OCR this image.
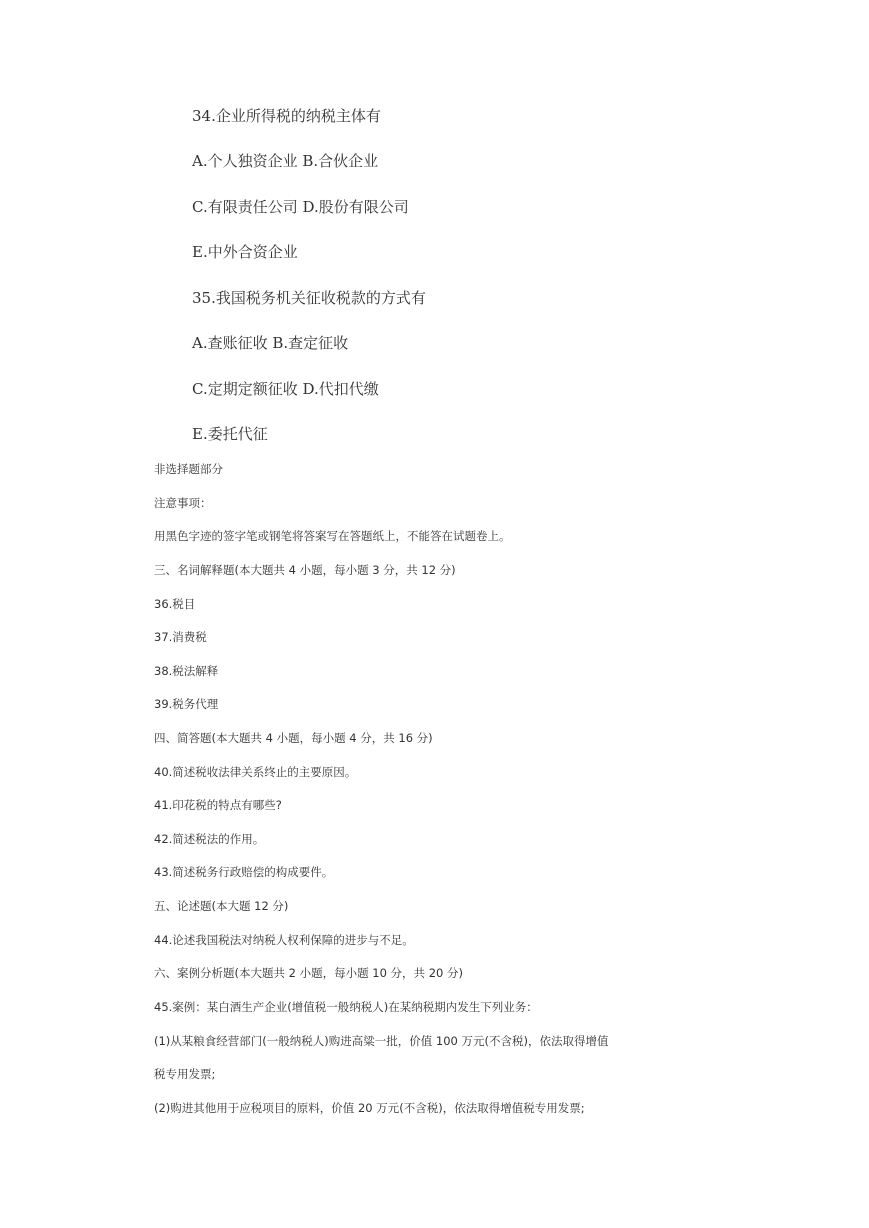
34.企业所得税的纳税主体有
A.个人独资企业 B.合伙企业
C.有限责任公司 D.股份有限公司
E.中外合资企业
35.我国税务机关征收税款的方式有
A.查账征收 B.查定征收
C.定期定额征收 D.代扣代缴
E.委托代征
非选择题部分
注意事项：
用黑色字迹的签字笔或钢笔将答案写在答题纸上，不能答在试题卷上。
三、名词解释题(本大题共 4 小题，每小题 3 分，共 12 分)
36.税目
37.消费税
38.税法解释
39.税务代理
四、简答题(本大题共 4 小题，每小题 4 分，共 16 分)
40.简述税收法律关系终止的主要原因。
41.印花税的特点有哪些?
42.简述税法的作用。
43.简述税务行政赔偿的构成要件。
五、论述题(本大题 12 分)
44.论述我国税法对纳税人权利保障的进步与不足。
六、案例分析题(本大题共 2 小题，每小题 10 分，共 20 分)
45.案例：某白酒生产企业(增值税一般纳税人)在某纳税期内发生下列业务：
(1)从某粮食经营部门(一般纳税人)购进高粱一批，价值 100 万元(不含税)，依法取得增值
税专用发票;
(2)购进其他用于应税项目的原料，价值 20 万元(不含税)，依法取得增值税专用发票;
